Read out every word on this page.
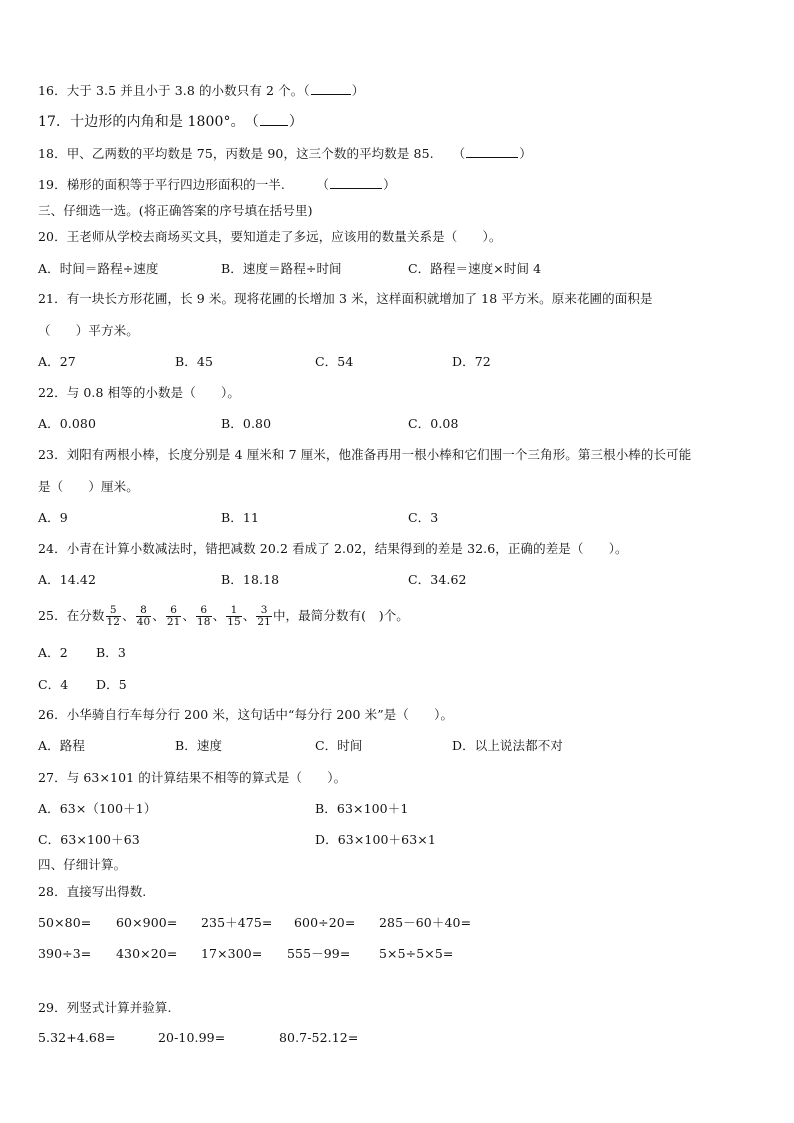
16．大于 3.5 并且小于 3.8 的小数只有 2 个。（	）
17．十边形的内角和是 1800°。　（ ）
18．甲、乙两数的平均数是 75，丙数是 90，这三个数的平均数是 85.　　（	）
19．梯形的面积等于平行四边形面积的一半.　　　（	）
三、仔细选一选。(将正确答案的序号填在括号里)
20．王老师从学校去商场买文具，要知道走了多远，应该用的数量关系是（　　）。
A．时间＝路程÷速度	B．速度＝路程÷时间	C．路程＝速度×时间 4
21．有一块长方形花圃，长 9 米。现将花圃的长增加 3 米，这样面积就增加了 18 平方米。原来花圃的面积是
（　　）平方米。
A．27	B．45	C．54	D．72
22．与 0.8 相等的小数是（　　）。
A．0.080	B．0.80	C．0.08
23．刘阳有两根小棒，长度分别是 4 厘米和 7 厘米，他准备再用一根小棒和它们围一个三角形。第三根小棒的长可能
是（　　）厘米。
A．9	B．11	C．3
24．小青在计算小数减法时，错把减数 20.2 看成了 2.02，结果得到的差是 32.6，正确的差是（　　）。
A．14.42	B．18.18	C．34.62
25．在分数 $\frac{5}{12}$ 、 $\frac{8}{40}$ 、 $\frac{6}{21}$ 、 $\frac{6}{18}$ 、 $\frac{1}{15}$ 、 $\frac{3}{21}$ 中，最简分数有(　)个。
A．2 B．3
C．4 D．5
26．小华骑自行车每分行 200 米，这句话中“每分行 200 米”是（　　）。
A．路程	B．速度	C．时间	D．以上说法都不对
27．与 63×101 的计算结果不相等的算式是（　　）。
A．63×（100＋1）	B．63×100＋1
C．63×100＋63	D．63×100＋63×1
四、仔细计算。
28．直接写出得数.
50×80= 60×900= 235＋475= 600÷20= 285－60＋40=
390÷3= 430×20= 17×300= 555－99= 5×5÷5×5=
29．列竖式计算并验算.
5.32+4.68=	20-10.99=	80.7-52.12=
